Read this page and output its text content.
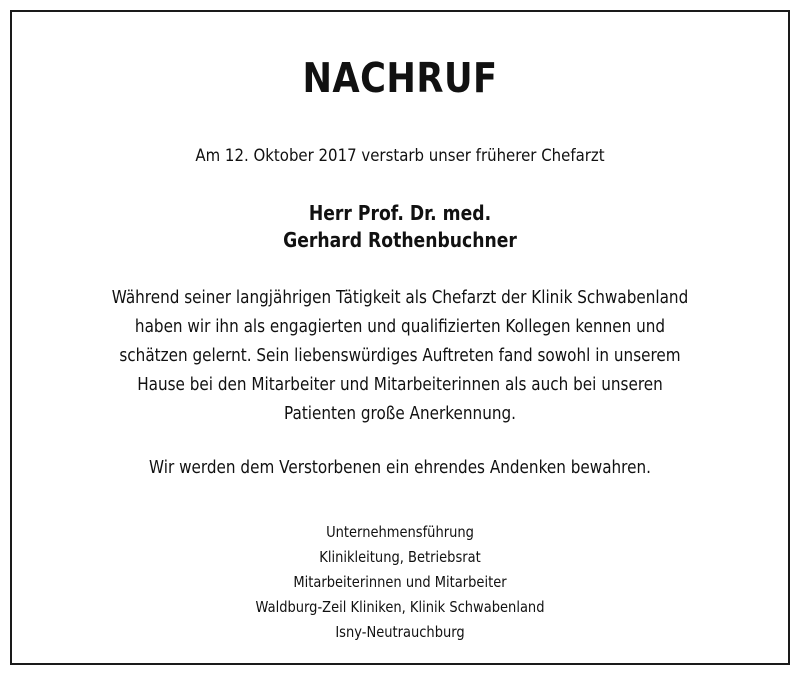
NACHRUF
Am 12. Oktober 2017 verstarb unser früherer Chefarzt
Herr Prof. Dr. med.
Gerhard Rothenbuchner
Während seiner langjährigen Tätigkeit als Chefarzt der Klinik Schwabenland
haben wir ihn als engagierten und qualifizierten Kollegen kennen und
schätzen gelernt. Sein liebenswürdiges Auftreten fand sowohl in unserem
Hause bei den Mitarbeiter und Mitarbeiterinnen als auch bei unseren
Patienten große Anerkennung.
Wir werden dem Verstorbenen ein ehrendes Andenken bewahren.
Unternehmensführung
Klinikleitung, Betriebsrat
Mitarbeiterinnen und Mitarbeiter
Waldburg-Zeil Kliniken, Klinik Schwabenland
Isny-Neutrauchburg
